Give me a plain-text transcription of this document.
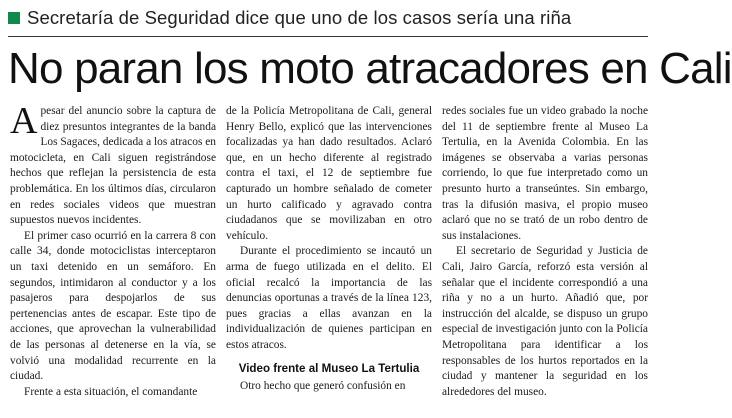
Secretaría de Seguridad dice que uno de los casos sería una riña
No paran los moto atracadores en Cali

Apesar del anuncio sobre la captura de diez presuntos integrantes de la banda Los Sagaces, dedicada a los atracos en motocicleta, en Cali siguen registrándose hechos que reflejan la persistencia de esta problemática. En los últimos días, circularon en redes sociales videos que muestran supuestos nuevos incidentes.

El primer caso ocurrió en la carrera 8 con calle 34, donde motociclistas interceptaron un taxi detenido en un semáforo. En segundos, intimidaron al conductor y a los pasajeros para despojarlos de sus pertenencias antes de escapar. Este tipo de acciones, que aprovechan la vulnerabilidad de las personas al detenerse en la vía, se volvió una modalidad recurrente en la ciudad.

Frente a esta situación, el comandante

de la Policía Metropolitana de Cali, general Henry Bello, explicó que las intervenciones focalizadas ya han dado resultados. Aclaró que, en un hecho diferente al registrado contra el taxi, el 12 de septiembre fue capturado un hombre señalado de cometer un hurto calificado y agravado contra ciudadanos que se movilizaban en otro vehículo.

Durante el procedimiento se incautó un arma de fuego utilizada en el delito. El oficial recalcó la importancia de las denuncias oportunas a través de la línea 123, pues gracias a ellas avanzan en la individualización de quienes participan en estos atracos.

Video frente al Museo La Tertulia

Otro hecho que generó confusión en

redes sociales fue un video grabado la noche del 11 de septiembre frente al Museo La Tertulia, en la Avenida Colombia. En las imágenes se observaba a varias personas corriendo, lo que fue interpretado como un presunto hurto a transeúntes. Sin embargo, tras la difusión masiva, el propio museo aclaró que no se trató de un robo dentro de sus instalaciones.

El secretario de Seguridad y Justicia de Cali, Jairo García, reforzó esta versión al señalar que el incidente correspondió a una riña y no a un hurto. Añadió que, por instrucción del alcalde, se dispuso un grupo especial de investigación junto con la Policía Metropolitana para identificar a los responsables de los hurtos reportados en la ciudad y mantener la seguridad en los alrededores del museo.
